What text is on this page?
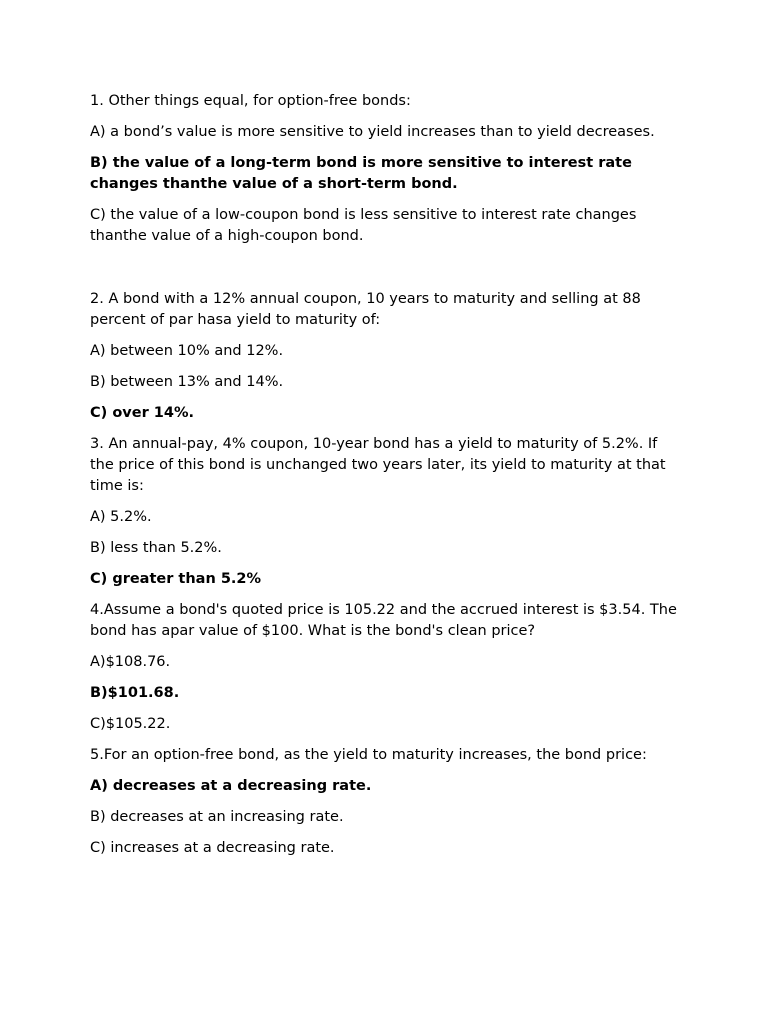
1. Other things equal, for option-free bonds:

A) a bond’s value is more sensitive to yield increases than to yield decreases.

B) the value of a long-term bond is more sensitive to interest rate changes thanthe value of a short-term bond.

C) the value of a low-coupon bond is less sensitive to interest rate changes thanthe value of a high-coupon bond.

2. A bond with a 12% annual coupon, 10 years to maturity and selling at 88 percent of par hasa yield to maturity of:

A) between 10% and 12%.

B) between 13% and 14%.

C) over 14%.

3. An annual-pay, 4% coupon, 10-year bond has a yield to maturity of 5.2%. If the price of this bond is unchanged two years later, its yield to maturity at that time is:

A) 5.2%.

B) less than 5.2%.

C) greater than 5.2%

4.Assume a bond's quoted price is 105.22 and the accrued interest is $3.54. The bond has apar value of $100. What is the bond's clean price?

A)$108.76.

B)$101.68.

C)$105.22.

5.For an option-free bond, as the yield to maturity increases, the bond price:

A) decreases at a decreasing rate.

B) decreases at an increasing rate.

C) increases at a decreasing rate.
